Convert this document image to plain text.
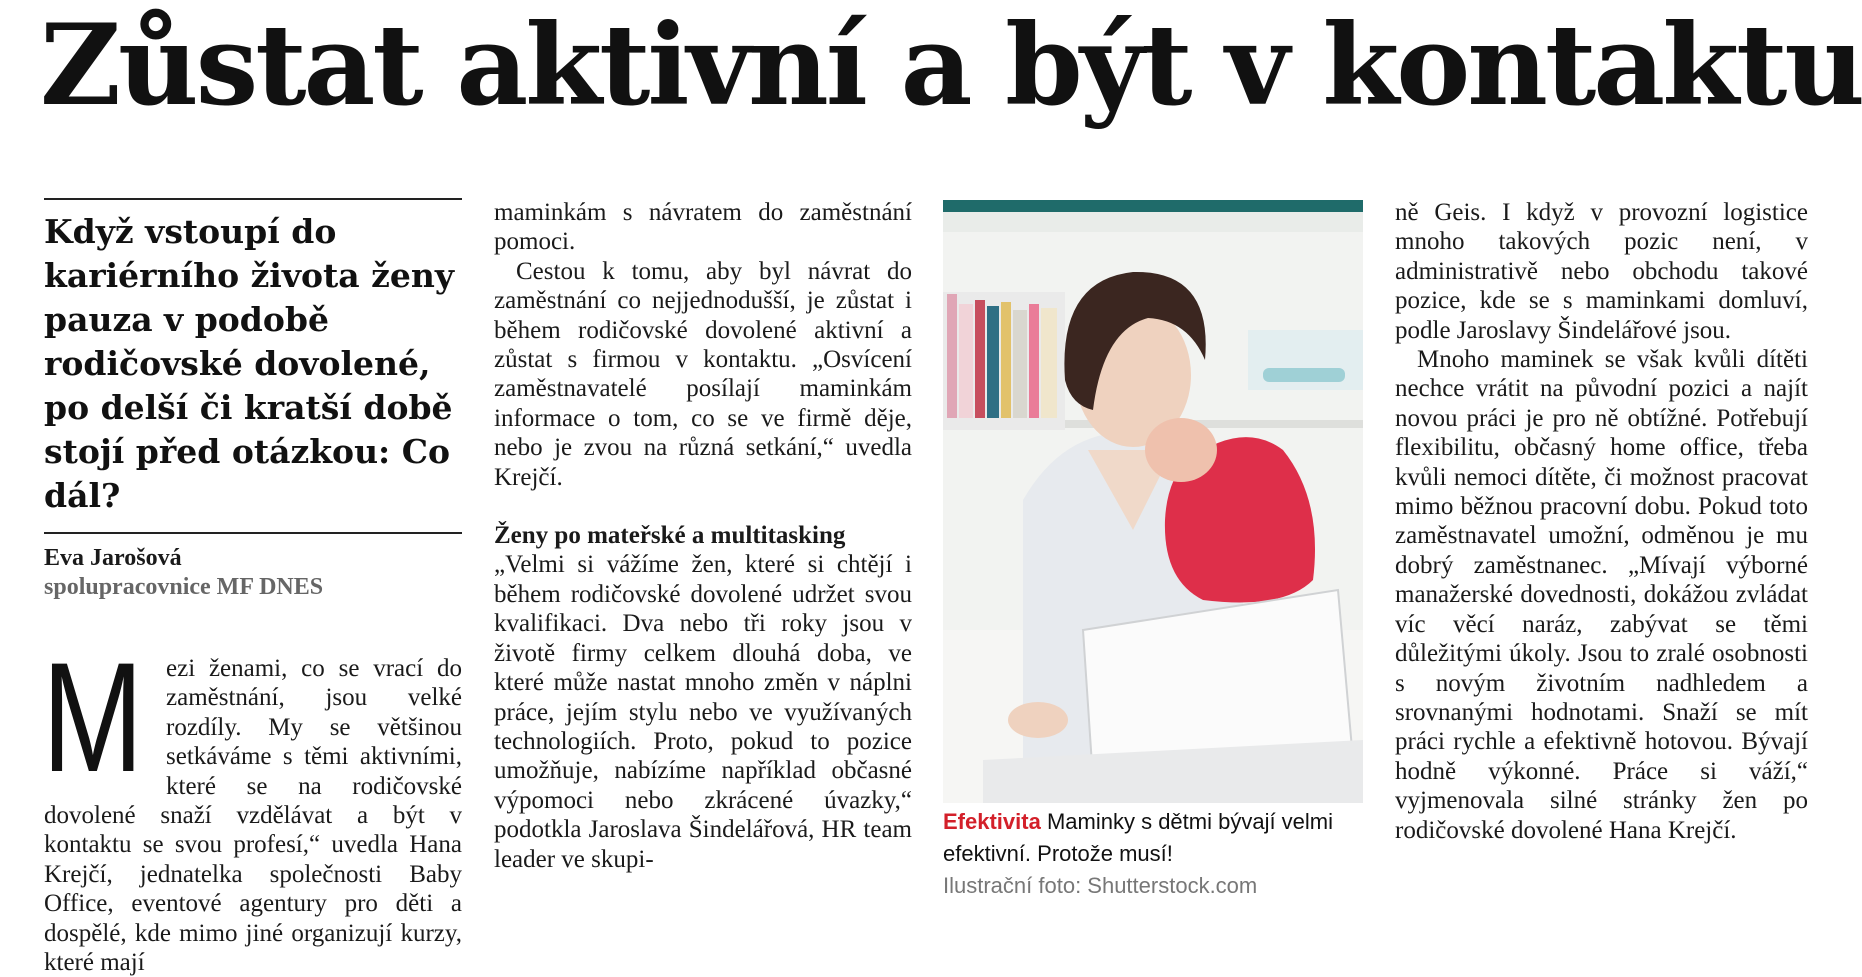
Zůstat aktivní a být v kontaktu

Když vstoupí do kariérního života ženy pauza v podobě rodičovské dovolené, po delší či kratší době stojí před otázkou: Co dál?

Eva Jarošová
spolupracovnice MF DNES
M ezi ženami, co se vrací do zaměstnání, jsou velké rozdíly. My se většinou setkáváme s těmi aktivními, které se na rodičovské dovolené snaží vzdělávat a být v kontaktu se svou profesí,“ uvedla Hana Krejčí, jednatelka společnosti Baby Office, eventové agentury pro děti a dospělé, kde mimo jiné organizují kurzy, které mají

maminkám s návratem do zaměstnání pomoci.

Cestou k tomu, aby byl návrat do zaměstnání co nejjednodušší, je zůstat i během rodičovské dovolené aktivní a zůstat s firmou v kontaktu. „Osvícení zaměstnavatelé posílají maminkám informace o tom, co se ve firmě děje, nebo je zvou na různá setkání,“ uvedla Krejčí.

Ženy po mateřské a multitasking

„Velmi si vážíme žen, které si chtějí i během rodičovské dovolené udržet svou kvalifikaci. Dva nebo tři roky jsou v životě firmy celkem dlouhá doba, ve které může nastat mnoho změn v náplni práce, jejím stylu nebo ve využívaných technologiích. Proto, pokud to pozice umožňuje, nabízíme například občasné výpomoci nebo zkrácené úvazky,“ podotkla Jaroslava Šindelářová, HR team leader ve skupi-

Efektivita Maminky s dětmi bývají velmi efektivní. Protože musí!
Ilustrační foto: Shutterstock.com

ně Geis. I když v provozní logistice mnoho takových pozic není, v administrativě nebo obchodu takové pozice, kde se s maminkami domluví, podle Jaroslavy Šindelářové jsou.

Mnoho maminek se však kvůli dítěti nechce vrátit na původní pozici a najít novou práci je pro ně obtížné. Potřebují flexibilitu, občasný home office, třeba kvůli nemoci dítěte, či možnost pracovat mimo běžnou pracovní dobu. Pokud toto zaměstnavatel umožní, odměnou je mu dobrý zaměstnanec. „Mívají výborné manažerské dovednosti, dokážou zvládat víc věcí naráz, zabývat se těmi důležitými úkoly. Jsou to zralé osobnosti s novým životním nadhledem a srovnanými hodnotami. Snaží se mít práci rychle a efektivně hotovou. Bývají hodně výkonné. Práce si váží,“ vyjmenovala silné stránky žen po rodičovské dovolené Hana Krejčí.
